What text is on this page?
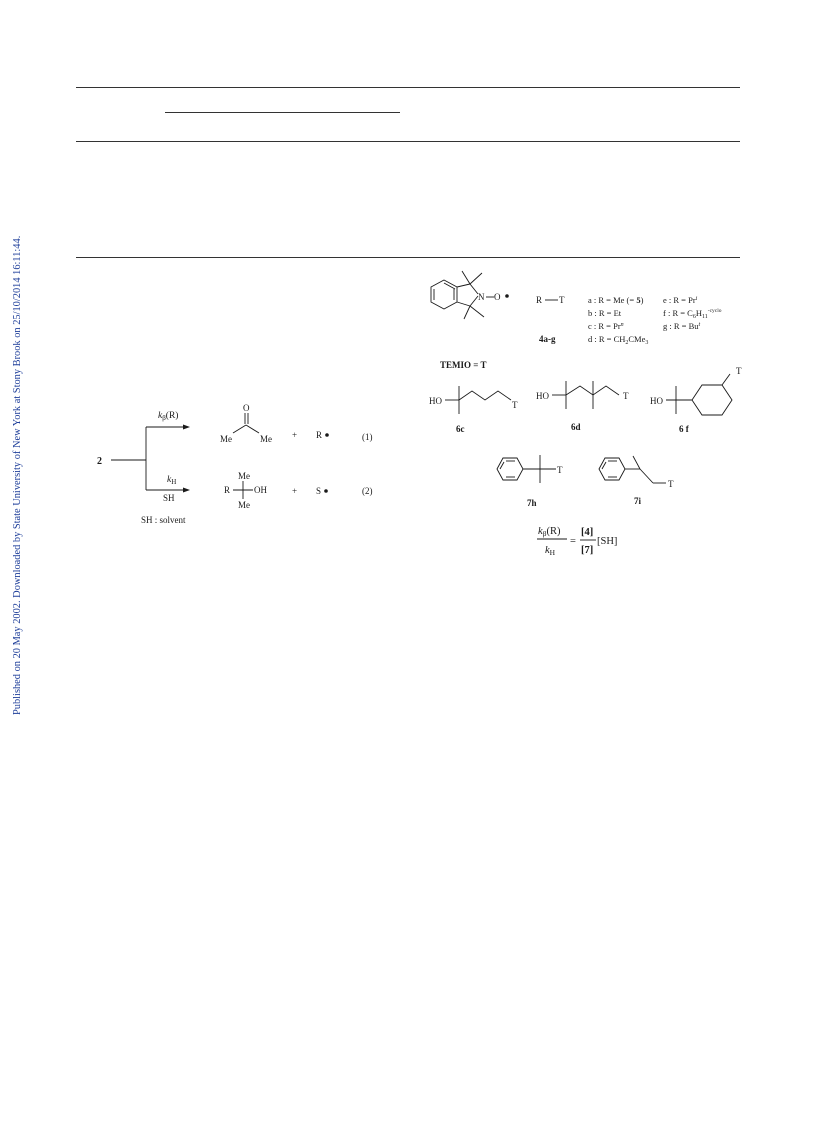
Published on 20 May 2002. Downloaded by State University of New York at Stony Brook on 25/10/2014 16:11:44.	2
$k_\beta(R)$
$k_H$
SH
O
Me	Me + R	(1)
Me
R	OH
Me
+ S	(2)
SH : solvent
N O	R T
4a-g
a : R = Me (= 5)
b : R = Et
c : $R = Pr^n$
d : $R = CH_2CMe_3$
e : $R = Pr^i$
f : $R = C_6H_{11}^{-cyclo}$
g : $R = Bu^t$
TEMIO = T
HO	T
6c
HO	T
6d
HO
T
6 f
T
7h
T
7i
kβ(R)
kH
=
[4]
[7]
[SH]
